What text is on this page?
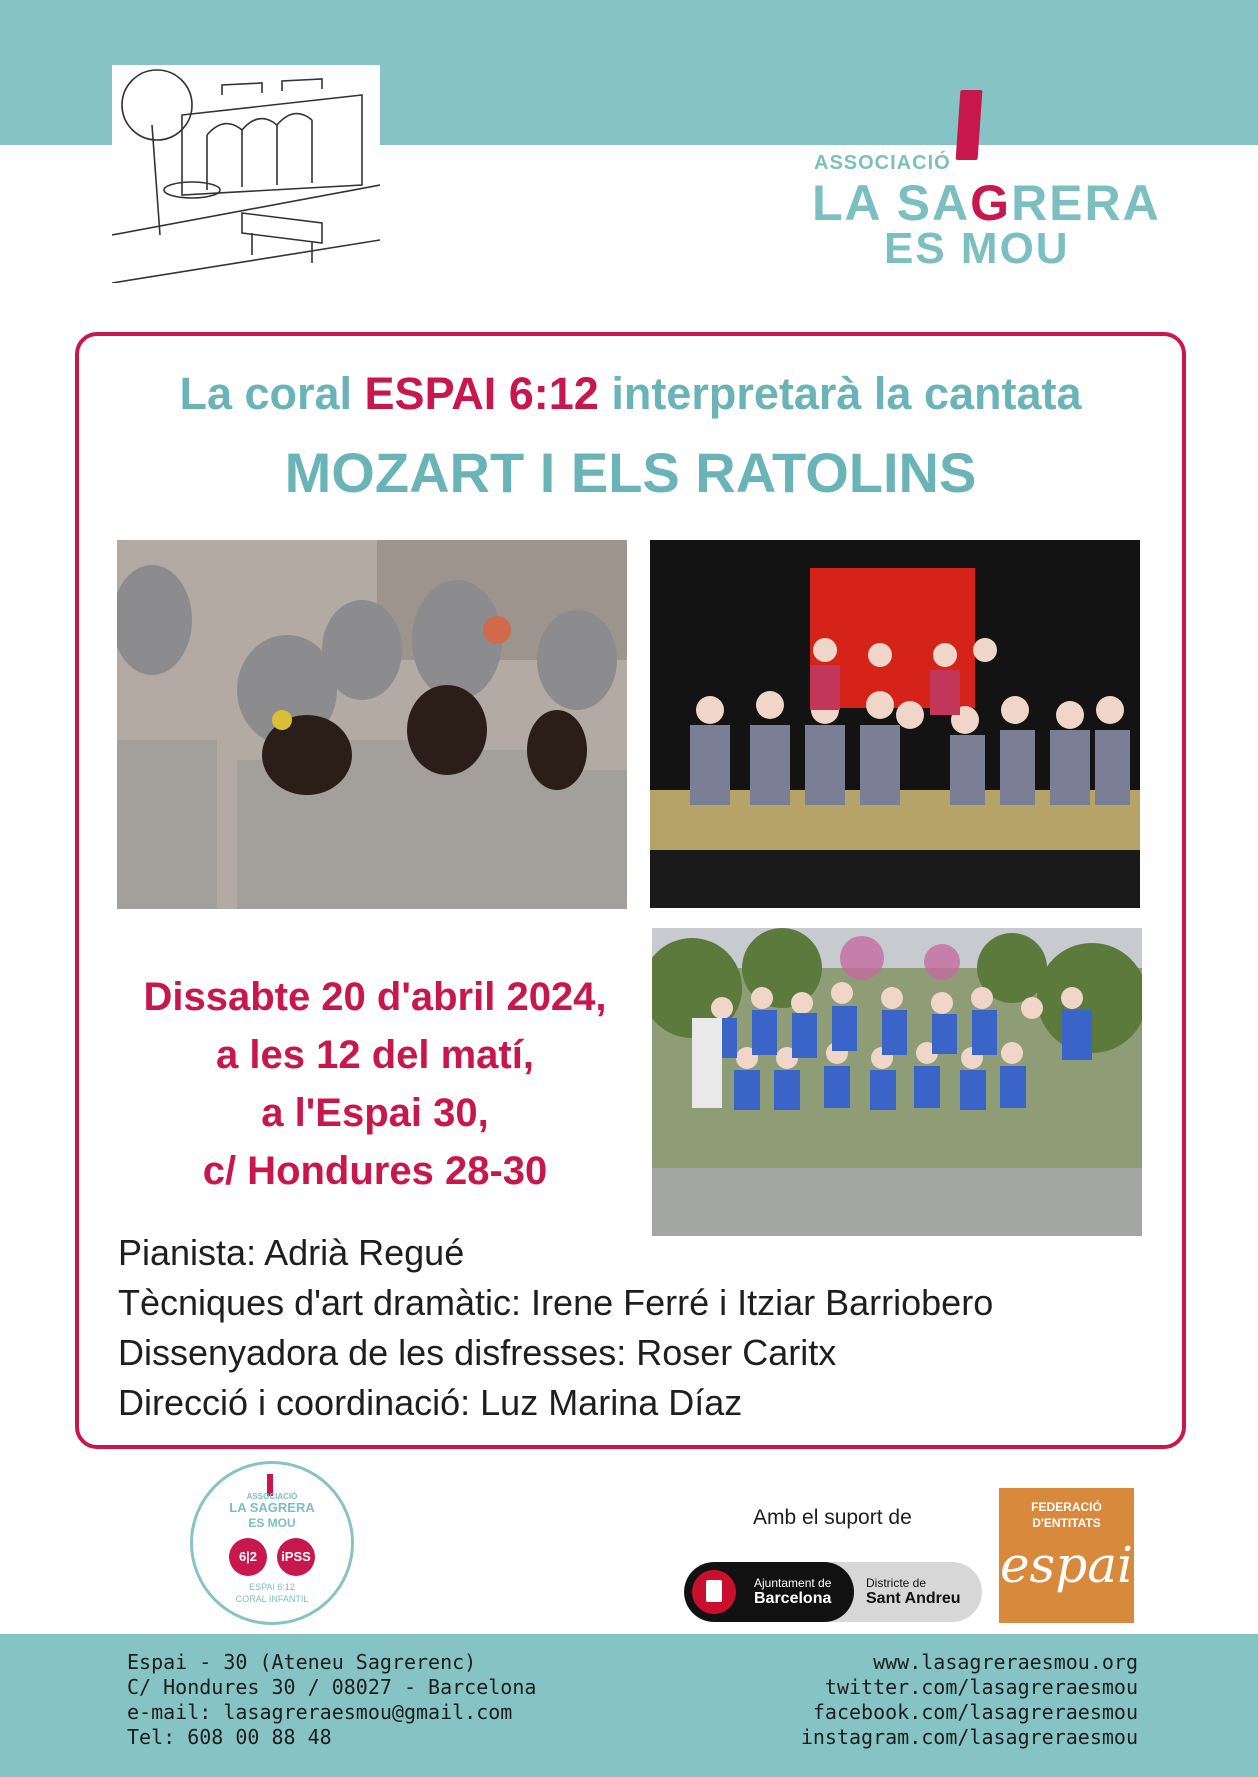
ASSOCIACIÓ
LA SAGRERA
ES MOU
La coral ESPAI 6:12 interpretarà la cantata
MOZART I ELS RATOLINS
Dissabte 20 d'abril 2024,
a les 12 del matí,
a l'Espai 30,
c/ Hondures 28-30
Pianista: Adrià Regué
Tècniques d'art dramàtic: Irene Ferré i Itziar Barriobero
Dissenyadora de les disfresses: Roser Caritx
Direcció i coordinació: Luz Marina Díaz
ASSOCIACIÓ
LA SAGRERA
ES MOU
6|2	iPSS
ESPAI 6:12
CORAL INFANTIL
Amb el suport de
Ajuntament de
Barcelona
Districte de
Sant Andreu
FEDERACIÓ
D'ENTITATS
espai
Espai - 30 (Ateneu Sagrerenc)
C/ Hondures 30 / 08027 - Barcelona
e-mail: lasagreraesmou@gmail.com
Tel: 608 00 88 48
www.lasagreraesmou.org
twitter.com/lasagreraesmou
facebook.com/lasagreraesmou
instagram.com/lasagreraesmou
